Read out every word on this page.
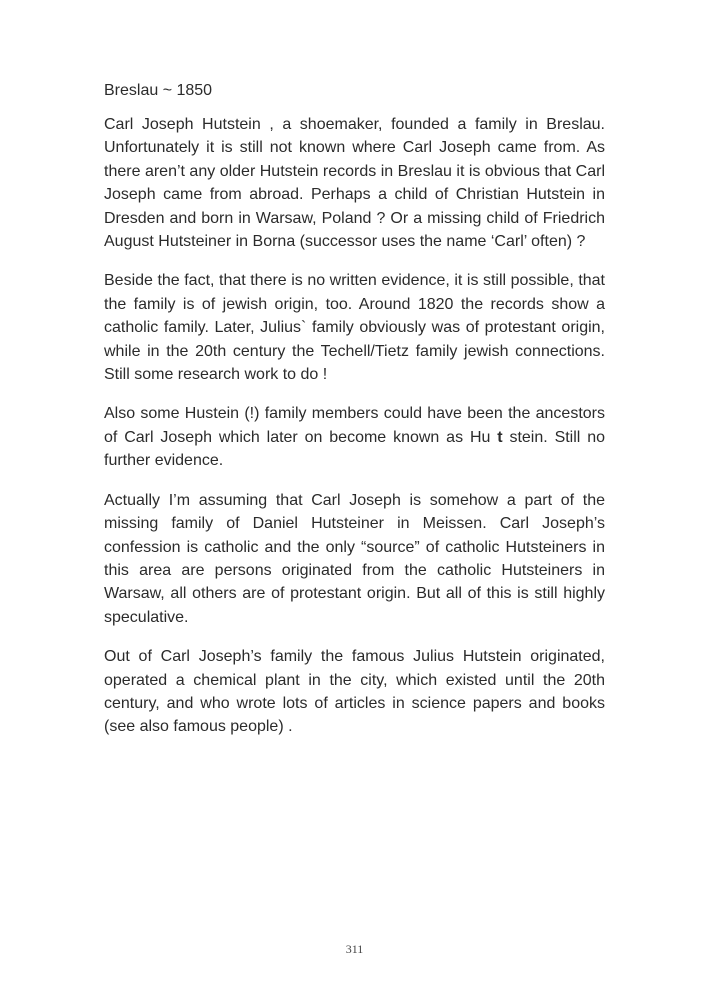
Breslau ~ 1850

Carl Joseph Hutstein , a shoemaker, founded a family in Breslau. Unfortunately it is still not known where Carl Joseph came from. As there aren’t any older Hutstein records in Breslau it is obvious that Carl Joseph came from abroad. Perhaps a child of Christian Hutstein in Dresden and born in Warsaw, Poland ? Or a missing child of Friedrich August Hutsteiner in Borna (successor uses the name ‘Carl’ often) ?

Beside the fact, that there is no written evidence, it is still possible, that the family is of jewish origin, too. Around 1820 the records show a catholic family. Later, Julius` family obviously was of protestant origin, while in the 20th century the Techell/Tietz family jewish connections. Still some research work to do !

Also some Hustein (!) family members could have been the ancestors of Carl Joseph which later on become known as Hu t stein. Still no further evidence.

Actually I’m assuming that Carl Joseph is somehow a part of the missing family of Daniel Hutsteiner in Meissen. Carl Joseph’s confession is catholic and the only “source” of catholic Hutsteiners in this area are persons originated from the catholic Hutsteiners in Warsaw, all others are of protestant origin. But all of this is still highly speculative.

Out of Carl Joseph’s family the famous Julius Hutstein originated, operated a chemical plant in the city, which existed until the 20th century, and who wrote lots of articles in science papers and books (see also famous people) .

311
